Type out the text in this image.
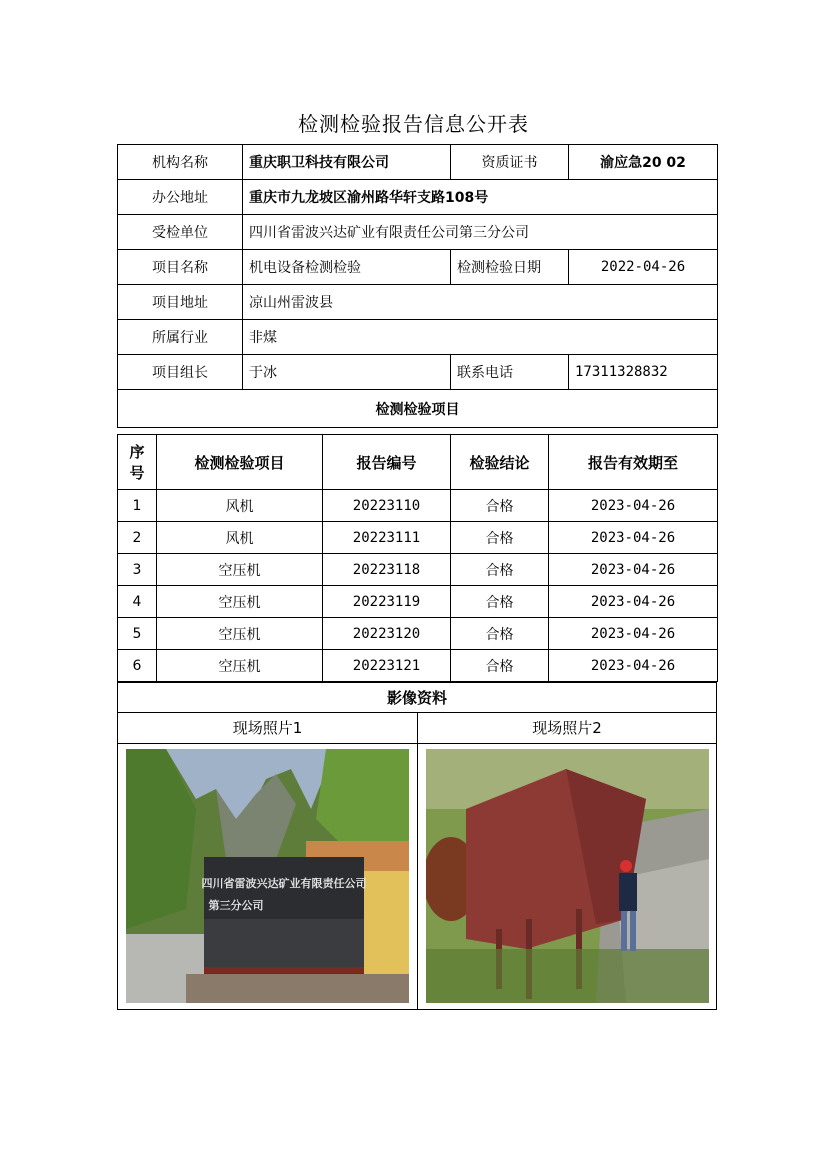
检测检验报告信息公开表
机构名称	重庆职卫科技有限公司	资质证书	渝应急20 02
办公地址	重庆市九龙坡区渝州路华轩支路108号		
受检单位	四川省雷波兴达矿业有限责任公司第三分公司		
项目名称	机电设备检测检验	检测检验日期	2022-04-26
项目地址	凉山州雷波县		
所属行业	非煤		
项目组长	于冰	联系电话	17311328832
检测检验项目			
序号	检测检验项目	报告编号	检验结论	报告有效期至
1	风机	20223110	合格	2023-04-26
2	风机	20223111	合格	2023-04-26
3	空压机	20223118	合格	2023-04-26
4	空压机	20223119	合格	2023-04-26
5	空压机	20223120	合格	2023-04-26
6	空压机	20223121	合格	2023-04-26
影像资料
现场照片1	现场照片2
四川省雷波兴达矿业有限责任公司
第三分公司
